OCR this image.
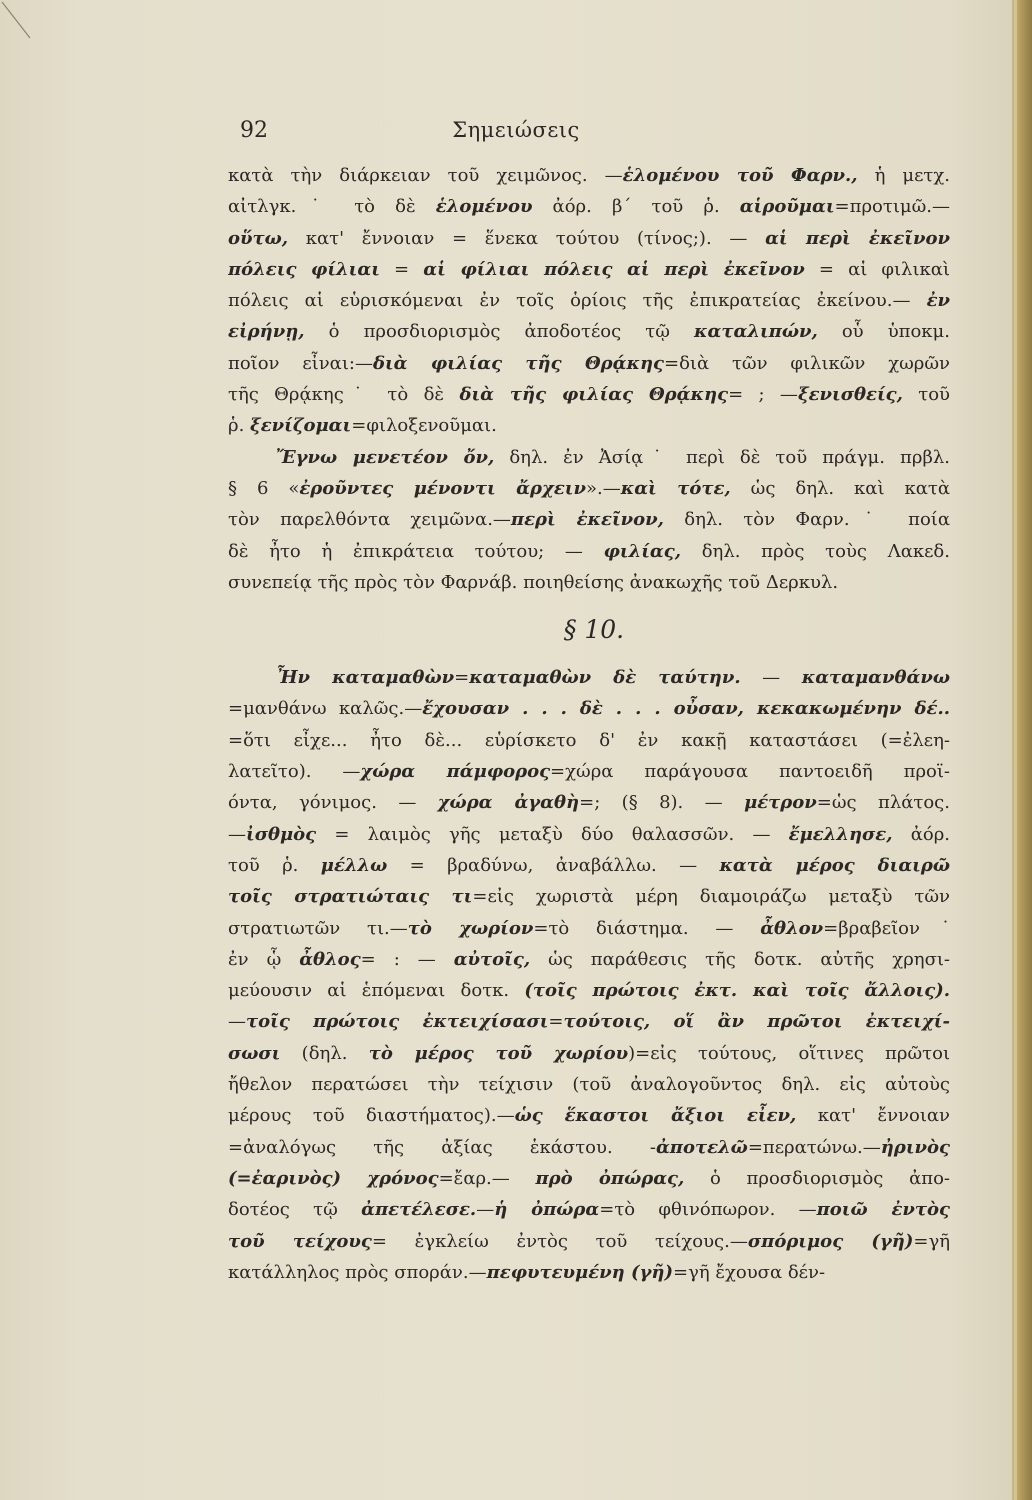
92	Σημειώσεις
κατὰ τὴν διάρκειαν τοῦ χειμῶνος. —ἑλομένου τοῦ Φαρν., ἡ μετχ.
αἰτλγκ.˙ τὸ δὲ ἑλομένου ἀόρ. β΄ τοῦ ῥ. αἱροῦμαι=προτιμῶ.—
οὕτω, κατ' ἔννοιαν = ἕνεκα τούτου (τίνος;). — αἱ περὶ ἐκεῖνον
πόλεις φίλιαι = αἱ φίλιαι πόλεις αἱ περὶ ἐκεῖνον = αἱ φιλικαὶ
πόλεις αἱ εὑρισκόμεναι ἐν τοῖς ὁρίοις τῆς ἐπικρατείας ἐκείνου.— ἐν
εἰρήνῃ, ὁ προσδιορισμὸς ἀποδοτέος τῷ καταλιπών, οὗ ὑποκμ.
ποῖον εἶναι:—διὰ φιλίας τῆς Θρᾴκης=διὰ τῶν φιλικῶν χωρῶν
τῆς Θρᾴκης˙ τὸ δὲ διὰ τῆς φιλίας Θρᾴκης= ; —ξενισθείς, τοῦ
ῥ. ξενίζομαι=φιλοξενοῦμαι.
Ἔγνω μενετέον ὄν, δηλ. ἐν Ἀσίᾳ˙ περὶ δὲ τοῦ πράγμ. πρβλ.
§ 6 «ἐροῦντες μένοντι ἄρχειν».—καὶ τότε, ὡς δηλ. καὶ κατὰ
τὸν παρελθόντα χειμῶνα.—περὶ ἐκεῖνον, δηλ. τὸν Φαρν.˙ ποία
δὲ ἦτο ἡ ἐπικράτεια τούτου; — φιλίας, δηλ. πρὸς τοὺς Λακεδ.
συνεπείᾳ τῆς πρὸς τὸν Φαρνάβ. ποιηθείσης ἀνακωχῆς τοῦ Δερκυλ.
§ 10.
Ἦν καταμαθὼν=καταμαθὼν δὲ ταύτην. — καταμανθάνω
=μανθάνω καλῶς.—ἔχουσαν . . . δὲ . . . οὖσαν, κεκακωμένην δέ..
=ὅτι εἶχε... ἦτο δὲ... εὑρίσκετο δ' ἐν κακῇ καταστάσει (=ἐλεη-
λατεῖτο). —χώρα πάμφορος=χώρα παράγουσα παντοειδῆ προϊ-
όντα, γόνιμος. — χώρα ἀγαθὴ=; (§ 8). — μέτρον=ὡς πλάτος.
—ἰσθμὸς = λαιμὸς γῆς μεταξὺ δύο θαλασσῶν. — ἔμελλησε, ἀόρ.
τοῦ ῥ. μέλλω = βραδύνω, ἀναβάλλω. — κατὰ μέρος διαιρῶ
τοῖς στρατιώταις τι=εἰς χωριστὰ μέρη διαμοιράζω μεταξὺ τῶν
στρατιωτῶν τι.—τὸ χωρίον=τὸ διάστημα. — ἆθλον=βραβεῖον˙
ἐν ᾧ ἆθλος= : — αὐτοῖς, ὡς παράθεσις τῆς δοτκ. αὐτῆς χρησι-
μεύουσιν αἱ ἑπόμεναι δοτκ. (τοῖς πρώτοις ἐκτ. καὶ τοῖς ἄλλοις).
—τοῖς πρώτοις ἐκτειχίσασι=τούτοις, οἵ ἂν πρῶτοι ἐκτειχί-
σωσι (δηλ. τὸ μέρος τοῦ χωρίου)=εἰς τούτους, οἵτινες πρῶτοι
ἤθελον περατώσει τὴν τείχισιν (τοῦ ἀναλογοῦντος δηλ. εἰς αὐτοὺς
μέρους τοῦ διαστήματος).—ὡς ἕκαστοι ἄξιοι εἶεν, κατ' ἔννοιαν
=ἀναλόγως τῆς ἀξίας ἑκάστου. -ἀποτελῶ=περατώνω.—ἠρινὸς
(=ἐαρινὸς) χρόνος=ἔαρ.— πρὸ ὀπώρας, ὁ προσδιορισμὸς ἀπο-
δοτέος τῷ ἀπετέλεσε.—ἡ ὀπώρα=τὸ φθινόπωρον. —ποιῶ ἐντὸς
τοῦ τείχους= ἐγκλείω ἐντὸς τοῦ τείχους.—σπόριμος (γῆ)=γῆ
κατάλληλος πρὸς σποράν.—πεφυτευμένη (γῆ)=γῆ ἔχουσα δέν-
